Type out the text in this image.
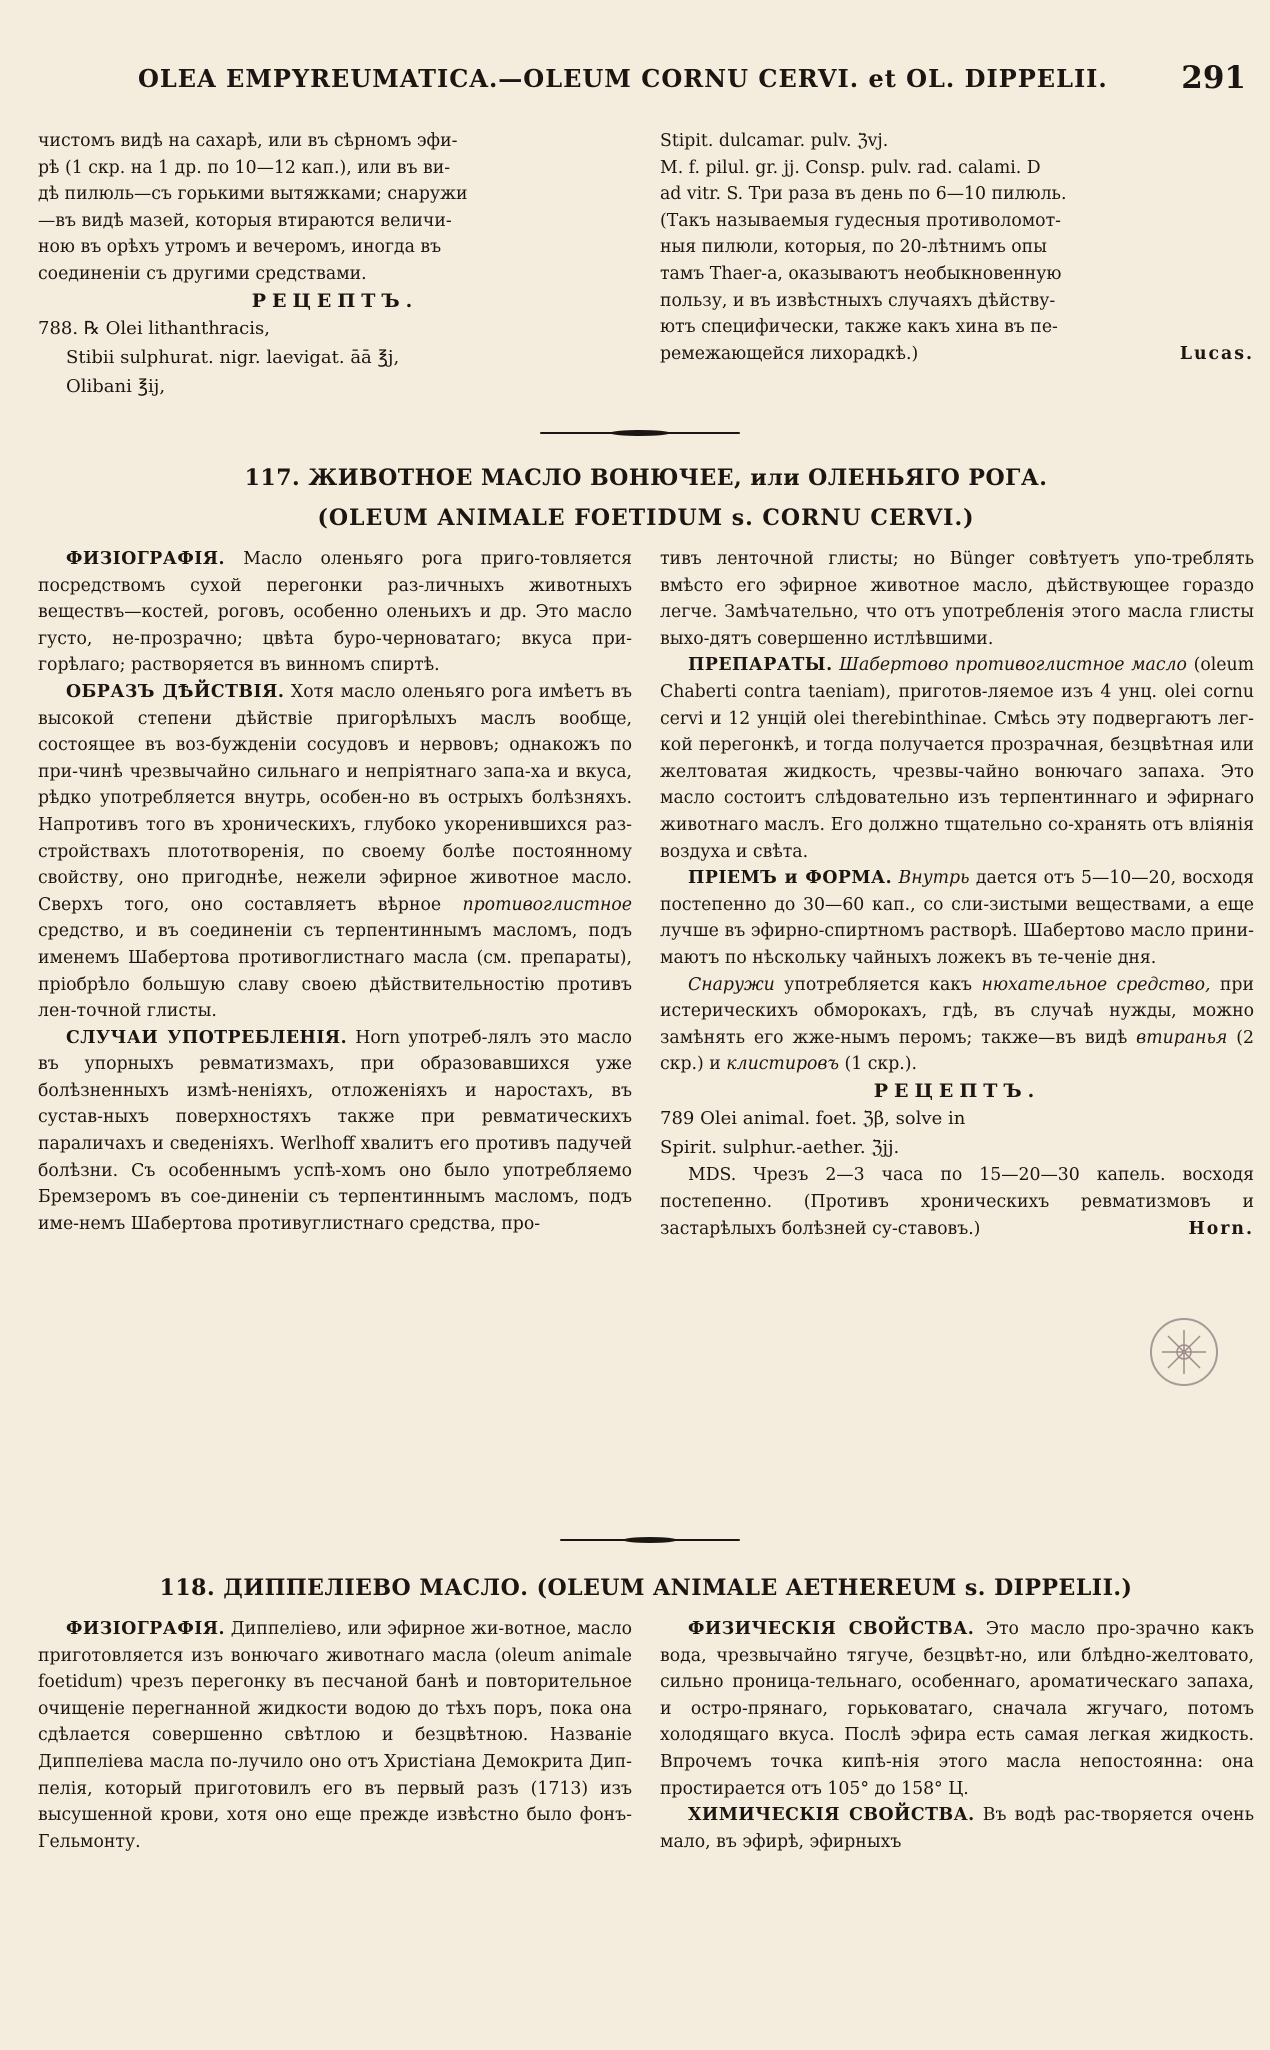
OLEA EMPYREUMATICA.—OLEUM CORNU CERVI. et OL. DIPPELII. 291

чистомъ видѣ на сахарѣ, или въ сѣрномъ эфи-

рѣ (1 скр. на 1 др. по 10—12 кап.), или въ ви-

дѣ пилюль—съ горькими вытяжками; снаружи

—въ видѣ мазей, которыя втираются величи-

ною въ орѣхъ утромъ и вечеромъ, иногда въ

соединенiи съ другими средствами.

РЕЦЕПТЪ.

788. ℞ Olei lithanthracis,

Stibii sulphurat. nigr. laevigat. āā ℥j,

Olibani ℥ij,

Stipit. dulcamar. pulv. ℨvj.

M. f. pilul. gr. jj. Consp. pulv. rad. calami. D

ad vitr. S. Три раза въ день по 6—10 пилюль.

(Такъ называемыя гудесныя противоломот-

ныя пилюли, которыя, по 20-лѣтнимъ опы

тамъ Thaer-а, оказываютъ необыкновенную

пользу, и въ извѣстныхъ случаяхъ дѣйству-

ютъ специфически, также какъ хина въ пе-

ремежающейся лихорадкѣ.)	Lucas.

117. ЖИВОТНОЕ МАСЛО ВОНЮЧЕЕ, или ОЛЕНЬЯГО РОГА.
(OLEUM ANIMALE FOETIDUM s. CORNU CERVI.)

ФИЗIОГРАФIЯ. Масло оленьяго рога приго-товляется посредствомъ сухой перегонки раз-личныхъ животныхъ веществъ—костей, роговъ, особенно оленьихъ и др. Это масло густо, не-прозрачно; цвѣта буро-черноватаго; вкуса при-горѣлаго; растворяется въ винномъ спиртѣ.

ОБРАЗЪ ДѢЙСТВIЯ. Хотя масло оленьяго рога имѣетъ въ высокой степени дѣйствiе пригорѣлыхъ маслъ вообще, состоящее въ воз-бужденiи сосудовъ и нервовъ; однакожъ по при-чинѣ чрезвычайно сильнаго и непрiятнаго запа-ха и вкуса, рѣдко употребляется внутрь, особен-но въ острыхъ болѣзняхъ. Напротивъ того въ хроническихъ, глубоко укоренившихся раз-стройствахъ плототворенiя, по своему болѣе постоянному свойству, оно пригоднѣе, нежели эфирное животное масло. Сверхъ того, оно составляетъ вѣрное противоглистное средство, и въ соединенiи съ терпентиннымъ масломъ, подъ именемъ Шабертова противоглистнаго масла (см. препараты), прiобрѣло большую славу своею дѣйствительностiю противъ лен-точной глисты.

СЛУЧАИ УПОТРЕБЛЕНIЯ. Horn употреб-лялъ это масло въ упорныхъ ревматизмахъ, при образовавшихся уже болѣзненныхъ измѣ-ненiяхъ, отложенiяхъ и наростахъ, въ сустав-ныхъ поверхностяхъ также при ревматическихъ параличахъ и сведенiяхъ. Werlhoff хвалитъ его противъ падучей болѣзни. Съ особеннымъ успѣ-хомъ оно было употребляемо Бремзеромъ въ сое-диненiи съ терпентиннымъ масломъ, подъ име-немъ Шабертова противуглистнаго средства, про-

тивъ ленточной глисты; но Bünger совѣтуетъ упо-треблять вмѣсто его эфирное животное масло, дѣйствующее гораздо легче. Замѣчательно, что отъ употребленiя этого масла глисты выхо-дятъ совершенно истлѣвшими.

ПРЕПАРАТЫ. Шабертово противоглистное масло (oleum Chaberti contra taeniam), приготов-ляемое изъ 4 унц. olei cornu cervi и 12 унцiй olei therebinthinae. Смѣсь эту подвергаютъ лег-кой перегонкѣ, и тогда получается прозрачная, безцвѣтная или желтоватая жидкость, чрезвы-чайно вонючаго запаха. Это масло состоитъ слѣдовательно изъ терпентиннаго и эфирнаго животнаго маслъ. Его должно тщательно со-хранять отъ влiянiя воздуха и свѣта.

ПРIЕМЪ и ФОРМА. Внутрь дается отъ 5—10—20, восходя постепенно до 30—60 кап., со сли-зистыми веществами, а еще лучше въ эфирно-спиртномъ растворѣ. Шабертово масло прини-маютъ по нѣскольку чайныхъ ложекъ въ те-ченiе дня.

Снаружи употребляется какъ нюхательное средство, при истерическихъ обморокахъ, гдѣ, въ случаѣ нужды, можно замѣнять его жже-нымъ перомъ; также—въ видѣ втиранья (2 скр.) и клистировъ (1 скр.).

РЕЦЕПТЪ.

789 Olei animal. foet. ℨβ, solve in

Spirit. sulphur.-aether. ℨjj.

MDS. Чрезъ 2—3 часа по 15—20—30 капель. восходя постепенно. (Противъ хроническихъ ревматизмовъ и застарѣлыхъ болѣзней су-ставовъ.)	Horn.

118. ДИППЕЛIЕВО МАСЛО. (OLEUM ANIMALE AETHEREUM s. DIPPELII.)

ФИЗIОГРАФIЯ. Диппелiево, или эфирное жи-вотное, масло приготовляется изъ вонючаго животнаго масла (oleum animale foetidum) чрезъ перегонку въ песчаной банѣ и повторительное очищенiе перегнанной жидкости водою до тѣхъ поръ, пока она сдѣлается совершенно свѣтлою и безцвѣтною. Названiе Диппелiева масла по-лучило оно отъ Христiана Демокрита Дип-пелiя, который приготовилъ его въ первый разъ (1713) изъ высушенной крови, хотя оно еще прежде извѣстно было фонъ-Гельмонту.

ФИЗИЧЕСКIЯ СВОЙСТВА. Это масло про-зрачно какъ вода, чрезвычайно тягуче, безцвѣт-но, или блѣдно-желтовато, сильно проница-тельнаго, особеннаго, ароматическаго запаха, и остро-прянаго, горьковатаго, сначала жгучаго, потомъ холодящаго вкуса. Послѣ эфира есть самая легкая жидкость. Впрочемъ точка кипѣ-нiя этого масла непостоянна: она простирается отъ 105° до 158° Ц.

ХИМИЧЕСКIЯ СВОЙСТВА. Въ водѣ рас-творяется очень мало, въ эфирѣ, эфирныхъ
